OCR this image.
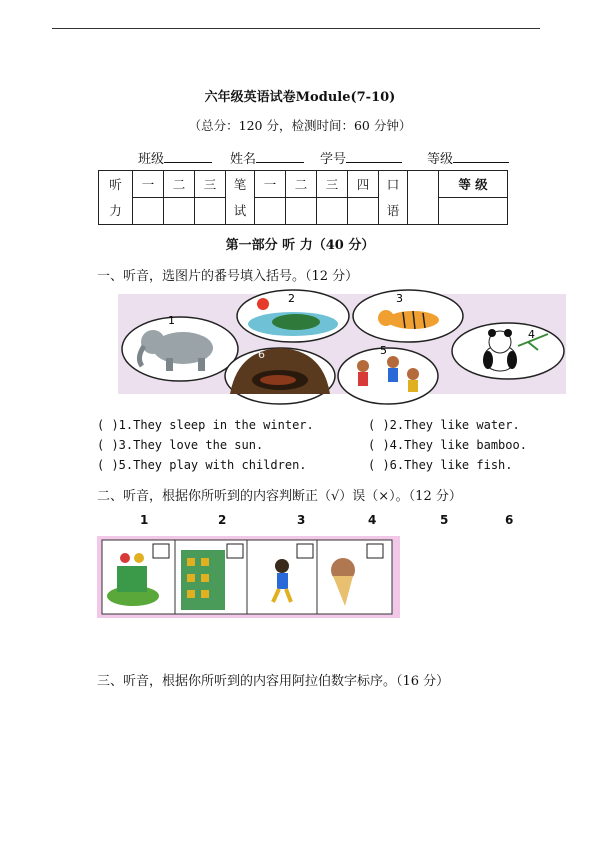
六年级英语试卷Module(7-10)
（总分：120 分，检测时间：60 分钟）
班级	姓名	学号	等级
听力	一	二	三	笔试	一	二	三	四	口语		等 级

第一部分 听 力（40 分）
一、听音，选图片的番号填入括号。（12 分）
1
2	3
4
6	5
( )1.They sleep in the winter.	( )2.They like water.
( )3.They love the sun.	( )4.They like bamboo.
( )5.They play with children.	( )6.They like fish.
二、听音，根据你所听到的内容判断正（√）误（×）。（12 分）
1	2	3	4	5	6
三、听音，根据你所听到的内容用阿拉伯数字标序。（16 分）
